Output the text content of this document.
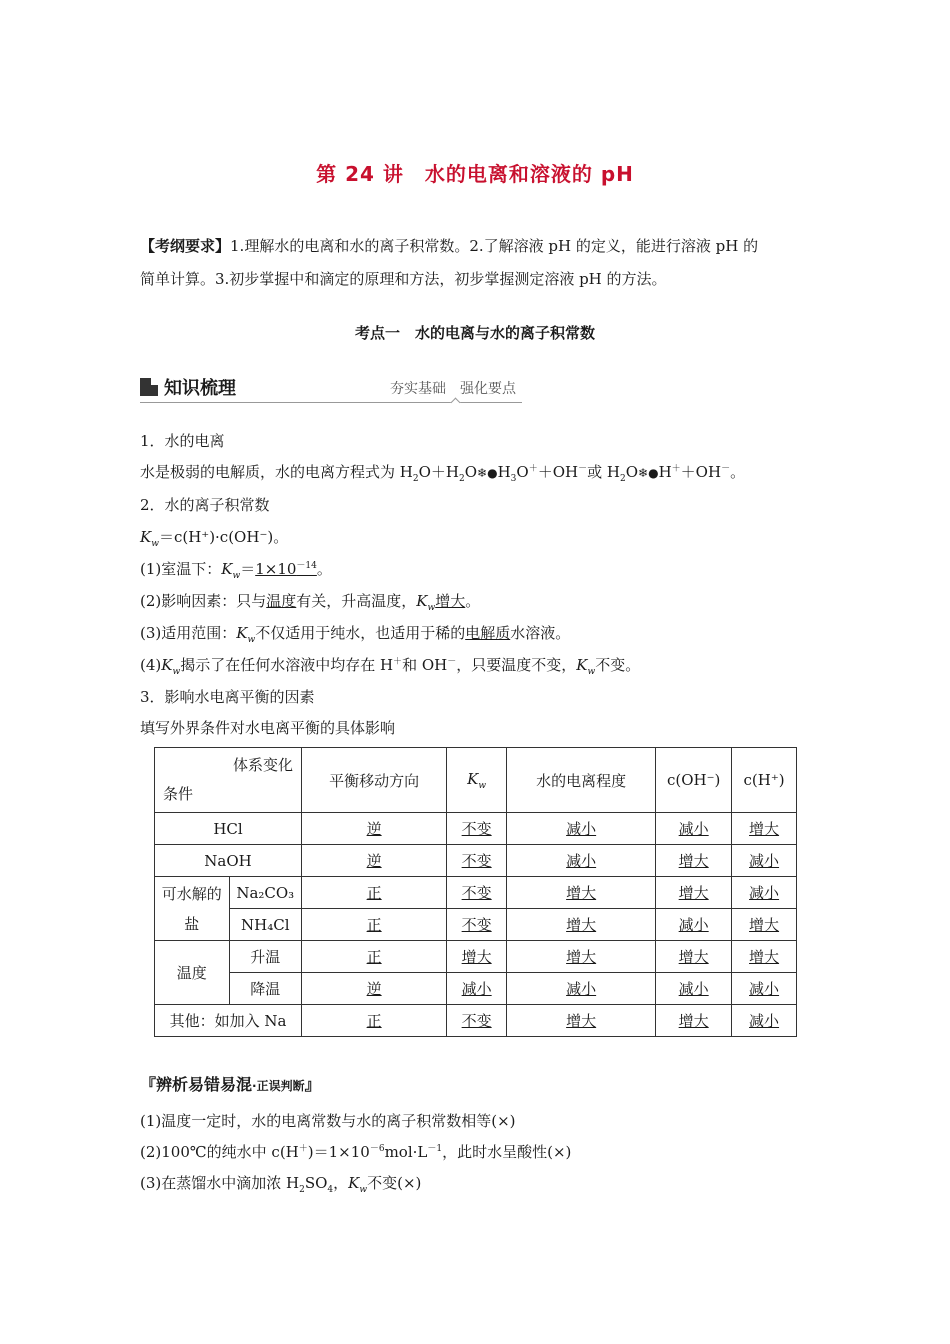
第 24 讲　水的电离和溶液的 pH
【考纲要求】1.理解水的电离和水的离子积常数。2.了解溶液 pH 的定义，能进行溶液 pH 的
简单计算。3.初步掌握中和滴定的原理和方法，初步掌握测定溶液 pH 的方法。
考点一　水的电离与水的离子积常数
知识梳理	夯实基础　强化要点
1．水的电离
水是极弱的电解质，水的电离方程式为 $H_2O+H_2O❄●H_3O^++OH^-$或 $H_2O❄●H^++OH^-$。
2．水的离子积常数
$K_w=c(H^+)\cdot c(OH^-)$。
(1)室温下：$K_w=1\times 10^{-14}$。
(2)影响因素：只与温度有关，升高温度，$K_w$增大。
(3)适用范围：$K_w$不仅适用于纯水，也适用于稀的电解质水溶液。
$(4)K_w$揭示了在任何水溶液中均存在 H＋和 OH－，只要温度不变，$K_w$不变。
3．影响水电离平衡的因素
填写外界条件对水电离平衡的具体影响
体系变化
条件		平衡移动方向	$K_w$	水的电离程度	c(OH⁻)	c(H⁺)
HCl		逆	不变	减小	减小	增大
NaOH		逆	不变	减小	增大	减小
可水解的盐	Na₂CO₃	正	不变	增大	增大	减小
	NH₄Cl	正	不变	增大	减小	增大
温度	升温	正	增大	增大	增大	增大
	降温	逆	减小	减小	减小	减小
其他：如加入 Na		正	不变	增大	增大	减小
『辨析易错易混·正误判断』
(1)温度一定时，水的电离常数与水的离子积常数相等(×)
(2)100℃的纯水中 $c(H^+)=1\times 10^{-6}mol\cdot L^{-1}$，此时水呈酸性(×)
(3)在蒸馏水中滴加浓 $H_2SO_4$，$K_w$不变(×)
